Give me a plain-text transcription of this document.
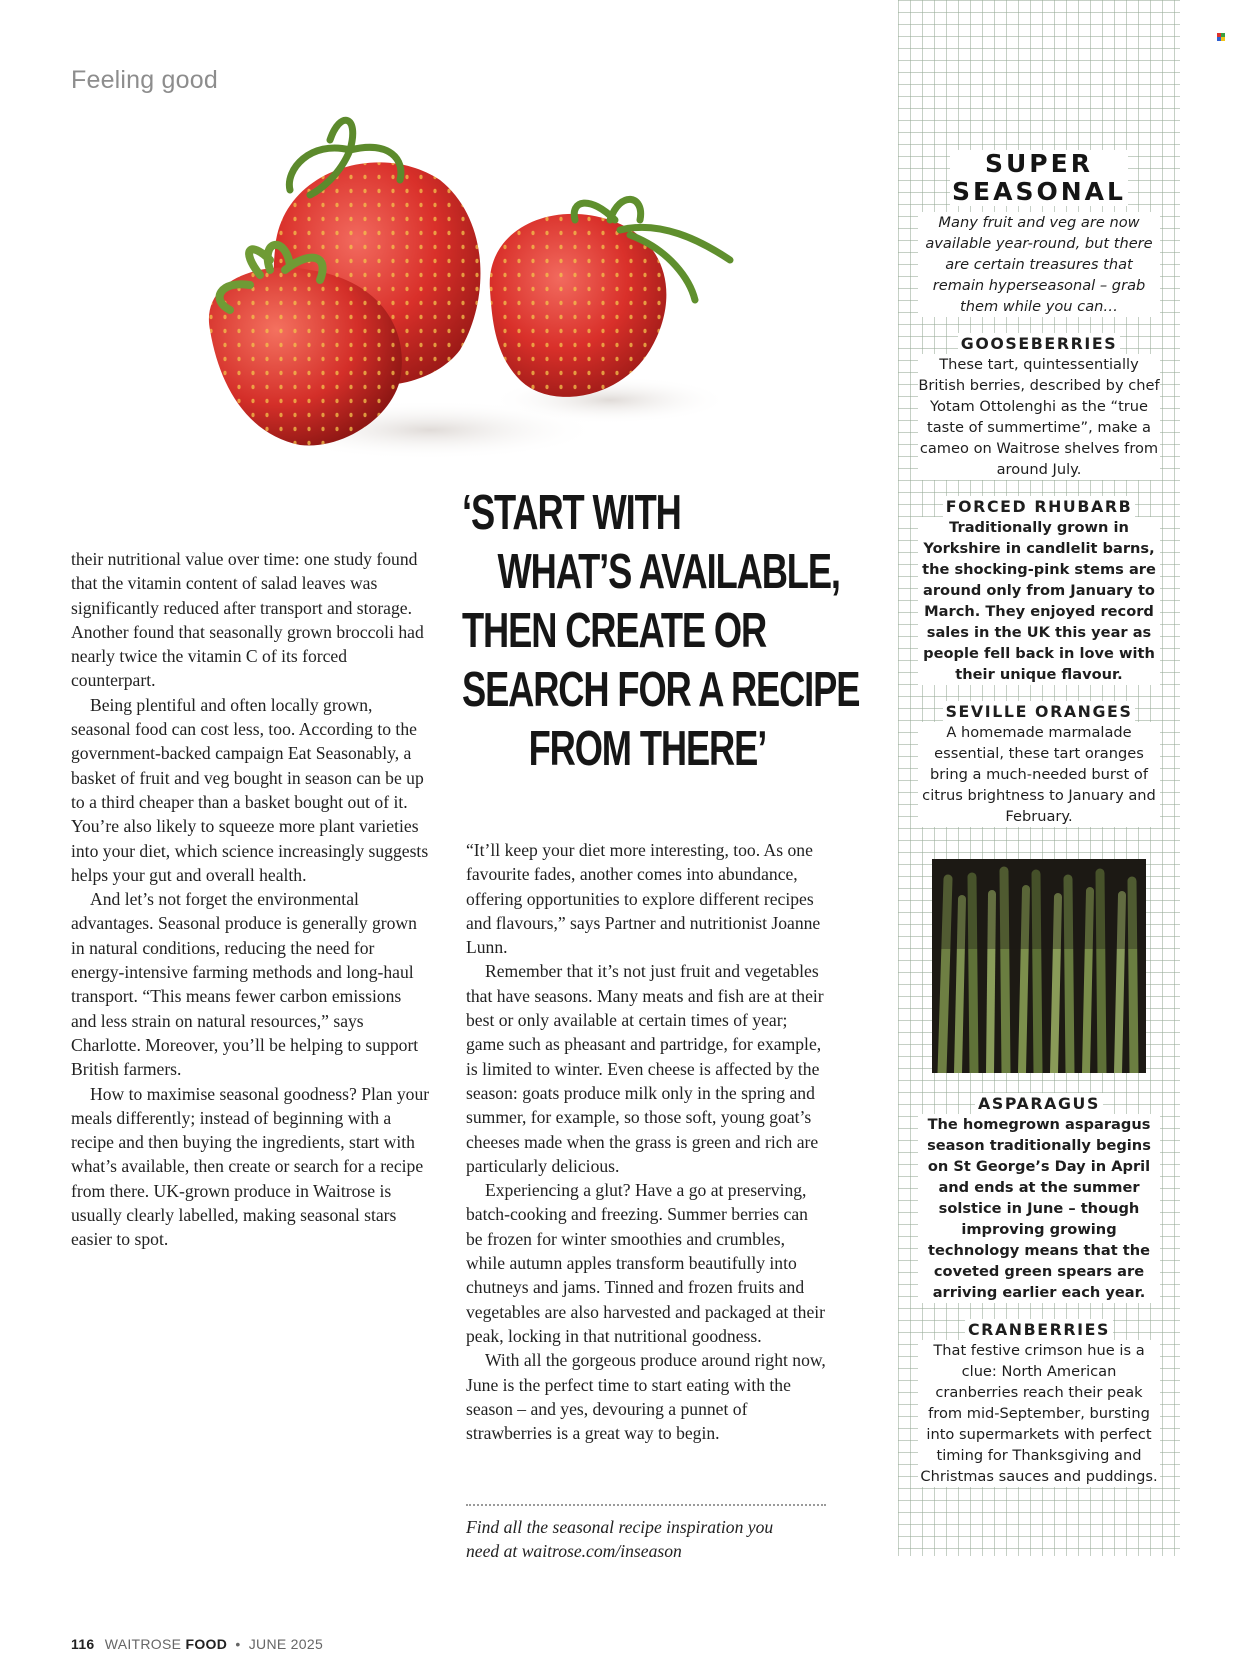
Feeling good

their nutritional value over time: one study found that the vitamin content of salad leaves was significantly reduced after transport and storage. Another found that seasonally grown broccoli had nearly twice the vitamin C of its forced counterpart.

Being plentiful and often locally grown, seasonal food can cost less, too. According to the government-backed campaign Eat Seasonably, a basket of fruit and veg bought in season can be up to a third cheaper than a basket bought out of it. You’re also likely to squeeze more plant varieties into your diet, which science increasingly suggests helps your gut and overall health.

And let’s not forget the environmental advantages. Seasonal produce is generally grown in natural conditions, reducing the need for energy-intensive farming methods and long-haul transport. “This means fewer carbon emissions and less strain on natural resources,” says Charlotte. Moreover, you’ll be helping to support British farmers.

How to maximise seasonal goodness? Plan your meals differently; instead of beginning with a recipe and then buying the ingredients, start with what’s available, then create or search for a recipe from there. UK-grown produce in Waitrose is usually clearly labelled, making seasonal stars easier to spot.

‘START WITH
WHAT’S AVAILABLE,
THEN CREATE OR
SEARCH FOR A RECIPE
FROM THERE’

“It’ll keep your diet more interesting, too. As one favourite fades, another comes into abundance, offering opportunities to explore different recipes and flavours,” says Partner and nutritionist Joanne Lunn.

Remember that it’s not just fruit and vegetables that have seasons. Many meats and fish are at their best or only available at certain times of year; game such as pheasant and partridge, for example, is limited to winter. Even cheese is affected by the season: goats produce milk only in the spring and summer, for example, so those soft, young goat’s cheeses made when the grass is green and rich are particularly delicious.

Experiencing a glut? Have a go at preserving, batch-cooking and freezing. Summer berries can be frozen for winter smoothies and crumbles, while autumn apples transform beautifully into chutneys and jams. Tinned and frozen fruits and vegetables are also harvested and packaged at their peak, locking in that nutritional goodness.

With all the gorgeous produce around right now, June is the perfect time to start eating with the season – and yes, devouring a punnet of strawberries is a great way to begin.

Find all the seasonal recipe inspiration you
need at waitrose.com/inseason
SUPER
SEASONAL
Many fruit and veg are now available year-round, but there are certain treasures that remain hyperseasonal – grab them while you can…
GOOSEBERRIES
These tart, quintessentially British berries, described by chef Yotam Ottolenghi as the “true taste of summertime”, make a cameo on Waitrose shelves from around July.
FORCED RHUBARB
Traditionally grown in Yorkshire in candlelit barns, the shocking-pink stems are around only from January to March. They enjoyed record sales in the UK this year as people fell back in love with their unique flavour.
SEVILLE ORANGES
A homemade marmalade essential, these tart oranges bring a much-needed burst of citrus brightness to January and February.
ASPARAGUS
The homegrown asparagus season traditionally begins on St George’s Day in April and ends at the summer solstice in June – though improving growing technology means that the coveted green spears are arriving earlier each year.
CRANBERRIES
That festive crimson hue is a clue: North American cranberries reach their peak from mid-September, bursting into supermarkets with perfect timing for Thanksgiving and Christmas sauces and puddings.
116 WAITROSE FOOD • JUNE 2025
